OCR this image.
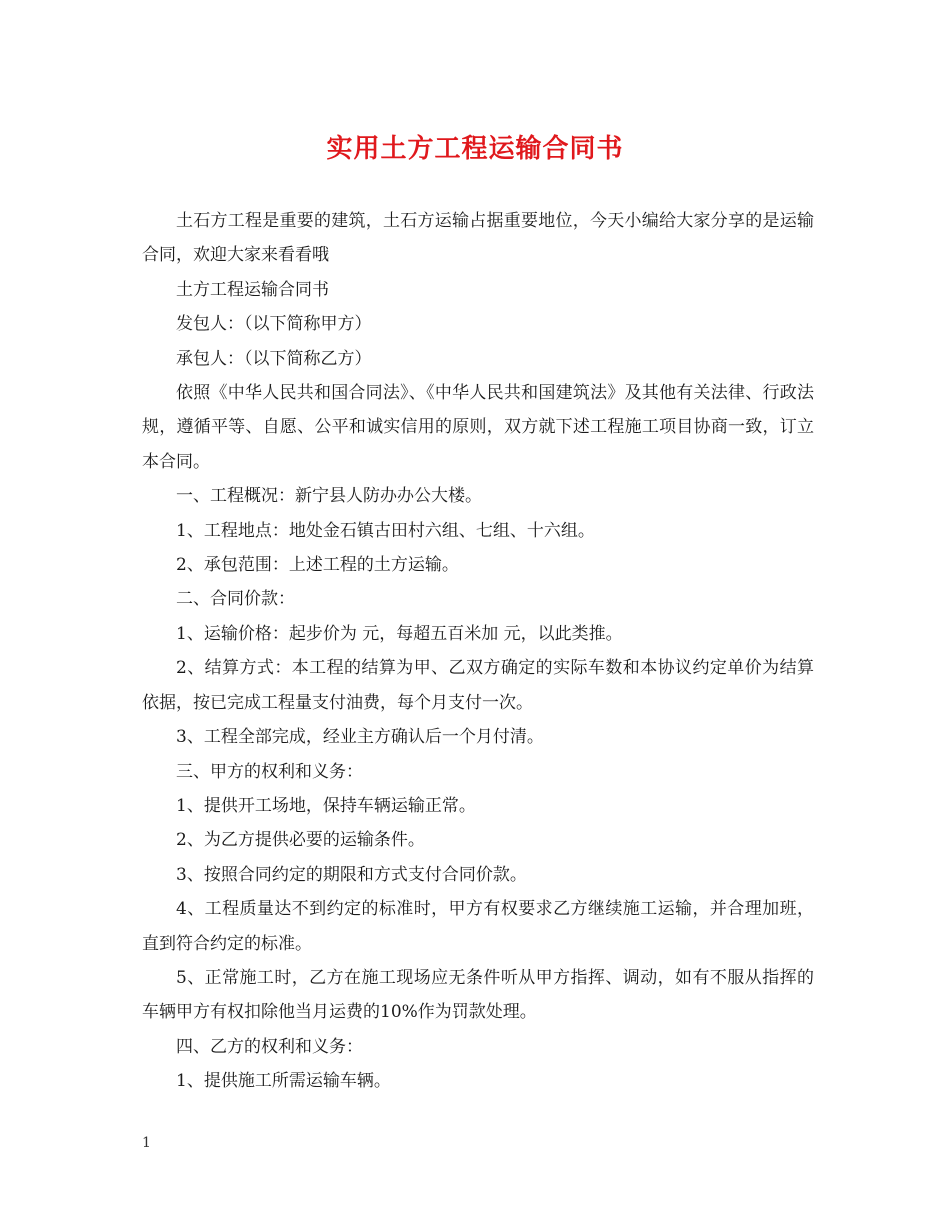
实用土方工程运输合同书

土石方工程是重要的建筑，土石方运输占据重要地位，今天小编给大家分享的是运输合同，欢迎大家来看看哦

土方工程运输合同书

发包人：（以下简称甲方）

承包人：（以下简称乙方）

依照《中华人民共和国合同法》、《中华人民共和国建筑法》及其他有关法律、行政法规，遵循平等、自愿、公平和诚实信用的原则，双方就下述工程施工项目协商一致，订立本合同。

一、工程概况：新宁县人防办办公大楼。

1、工程地点：地处金石镇古田村六组、七组、十六组。

2、承包范围：上述工程的土方运输。

二、合同价款：

1、运输价格：起步价为 元，每超五百米加 元，以此类推。

2、结算方式：本工程的结算为甲、乙双方确定的实际车数和本协议约定单价为结算依据，按已完成工程量支付油费，每个月支付一次。

3、工程全部完成，经业主方确认后一个月付清。

三、甲方的权利和义务：

1、提供开工场地，保持车辆运输正常。

2、为乙方提供必要的运输条件。

3、按照合同约定的期限和方式支付合同价款。

4、工程质量达不到约定的标准时，甲方有权要求乙方继续施工运输，并合理加班，直到符合约定的标准。

5、正常施工时，乙方在施工现场应无条件听从甲方指挥、调动，如有不服从指挥的车辆甲方有权扣除他当月运费的10%作为罚款处理。

四、乙方的权利和义务：

1、提供施工所需运输车辆。

1
